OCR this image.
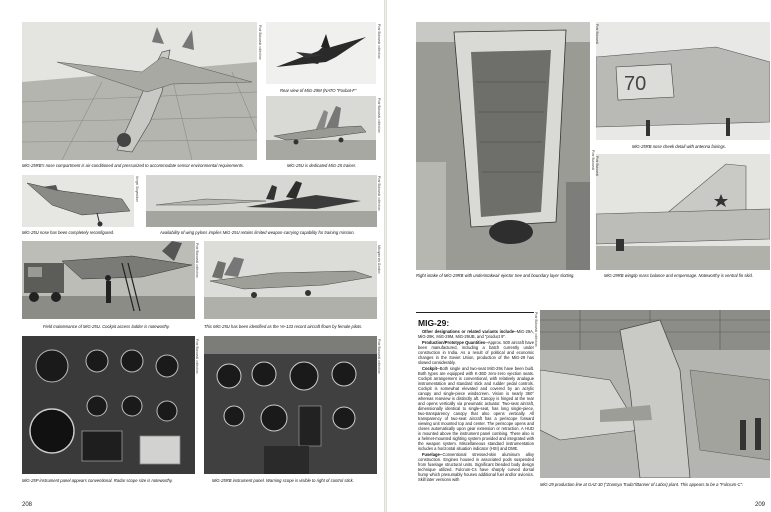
MiG-25RB's nose compartment is air-conditioned and pressurized to accommodate sensor environmental requirements.
Piotr Butowski collection
Rear view of MiG-29M (NATO "Foxbat-F"
Piotr Butowski collection
MiG-25U is dedicated MiG-25 trainer.
Piotr Butowski collection
MiG-25U nose has been completely reconfigured.
Sergei Skrynnikov
Availability of wing pylons implies MiG-25U retains limited weapon-carrying capability for training mission.
Piotr Butowski collection
Field maintenance of MiG-25U. Cockpit access ladder is noteworthy.
Piotr Butowski collection
This MiG-25U has been identified as the Ye-133 record aircraft flown by female pilots.
Mikoyan via Gordon
MiG-25P instrument panel appears conventional. Radar scope size is noteworthy.
Piotr Butowski collection
MiG-25RB instrument panel. Warning scope is visible to right of control stick.
Piotr Butowski collection
208
Right intake of MiG-29RB with underintakeair ejector tree and boundary layer slotting.
Piotr Butowski
70
MiG-25RB nose cheek detail with antenna fairings.
Piotr Butowski
MiG-29RB wingtip mass balance and empennage. Noteworthy is ventral fin skid.
Piotr Butowski
MIG-29:

Other designations or related variants include--MiG-29A, MiG-29K, MiG-29M, MiG-29UB, and "product 9".

Production/Prototype Quantities--Approx. 500 aircraft have been manufactured, including a batch currently under construction in India. As a result of political and economic changes in the Soviet Union, production of the MiG-29 has slowed considerably.

Cockpit--Both single and two-seat MiG-29s have been built. Both types are equipped with K-36D zero-zero ejection seats. Cockpit arrangement is conventional, with relatively analogue instrumentation and standard stick and rudder pedal controls. Cockpit is somewhat elevated and covered by an acrylic canopy and single-piece windscreen. Vision is nearly 360° whereas rearview is distinctly aft. Canopy is hinged at the rear and opens vertically via pneumatic actuator. Two-seat aircraft, dimensionally identical to single-seat, has long single-piece, two-transparency canopy that also opens vertically. All transparency of two-seat aircraft has a periscope forward viewing unit mounted top and center. The periscope opens and closes automatically upon gear extension or retraction. A HUD is mounted above the instrument panel combing. There also is a helmet-mounted sighting system provided and integrated with the weapon system. Miscellaneous standard instrumentation includes a horizontal situation indicator (HSI) and DME.

Fuselage--Conventional stressed-skin aluminum alloy construction. Engines housed in associated pods suspended from fuselage structural units. Significant blended body design technique utilized. Fulcrum-Cs have sharply curved dorsal hump which presumably houses additional fuel and/or avionics. Skill later versions with

MiG-29 production line at GAZ-30 ("Znamya Truda"/Banner of Labor) plant. This appears to be a "Fulcrum-C".
Piotr Butowski collection
209
